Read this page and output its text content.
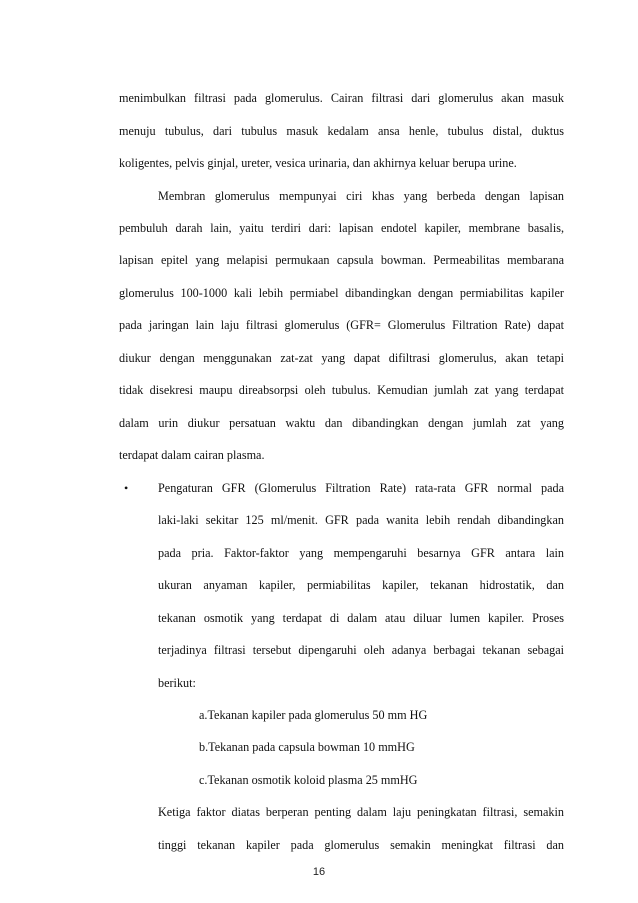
menimbulkan filtrasi pada glomerulus. Cairan filtrasi dari glomerulus akan masuk
menuju tubulus, dari tubulus masuk kedalam ansa henle, tubulus distal, duktus
koligentes, pelvis ginjal, ureter, vesica urinaria, dan akhirnya keluar berupa urine.
Membran glomerulus mempunyai ciri khas yang berbeda dengan lapisan
pembuluh darah lain, yaitu terdiri dari: lapisan endotel kapiler, membrane basalis,
lapisan epitel yang melapisi permukaan capsula bowman. Permeabilitas membarana
glomerulus 100-1000 kali lebih permiabel dibandingkan dengan permiabilitas kapiler
pada jaringan lain laju filtrasi glomerulus (GFR= Glomerulus Filtration Rate) dapat
diukur dengan menggunakan zat-zat yang dapat difiltrasi glomerulus, akan tetapi
tidak disekresi maupu direabsorpsi oleh tubulus. Kemudian jumlah zat yang terdapat
dalam urin diukur persatuan waktu dan dibandingkan dengan jumlah zat yang
terdapat dalam cairan plasma.
• Pengaturan GFR (Glomerulus Filtration Rate) rata-rata GFR normal pada
laki-laki sekitar 125 ml/menit. GFR pada wanita lebih rendah dibandingkan
pada pria. Faktor-faktor yang mempengaruhi besarnya GFR antara lain
ukuran anyaman kapiler, permiabilitas kapiler, tekanan hidrostatik, dan
tekanan osmotik yang terdapat di dalam atau diluar lumen kapiler. Proses
terjadinya filtrasi tersebut dipengaruhi oleh adanya berbagai tekanan sebagai
berikut:
a.Tekanan kapiler pada glomerulus 50 mm HG
b.Tekanan pada capsula bowman 10 mmHG
c.Tekanan osmotik koloid plasma 25 mmHG
Ketiga faktor diatas berperan penting dalam laju peningkatan filtrasi, semakin
tinggi tekanan kapiler pada glomerulus semakin meningkat filtrasi dan
16
